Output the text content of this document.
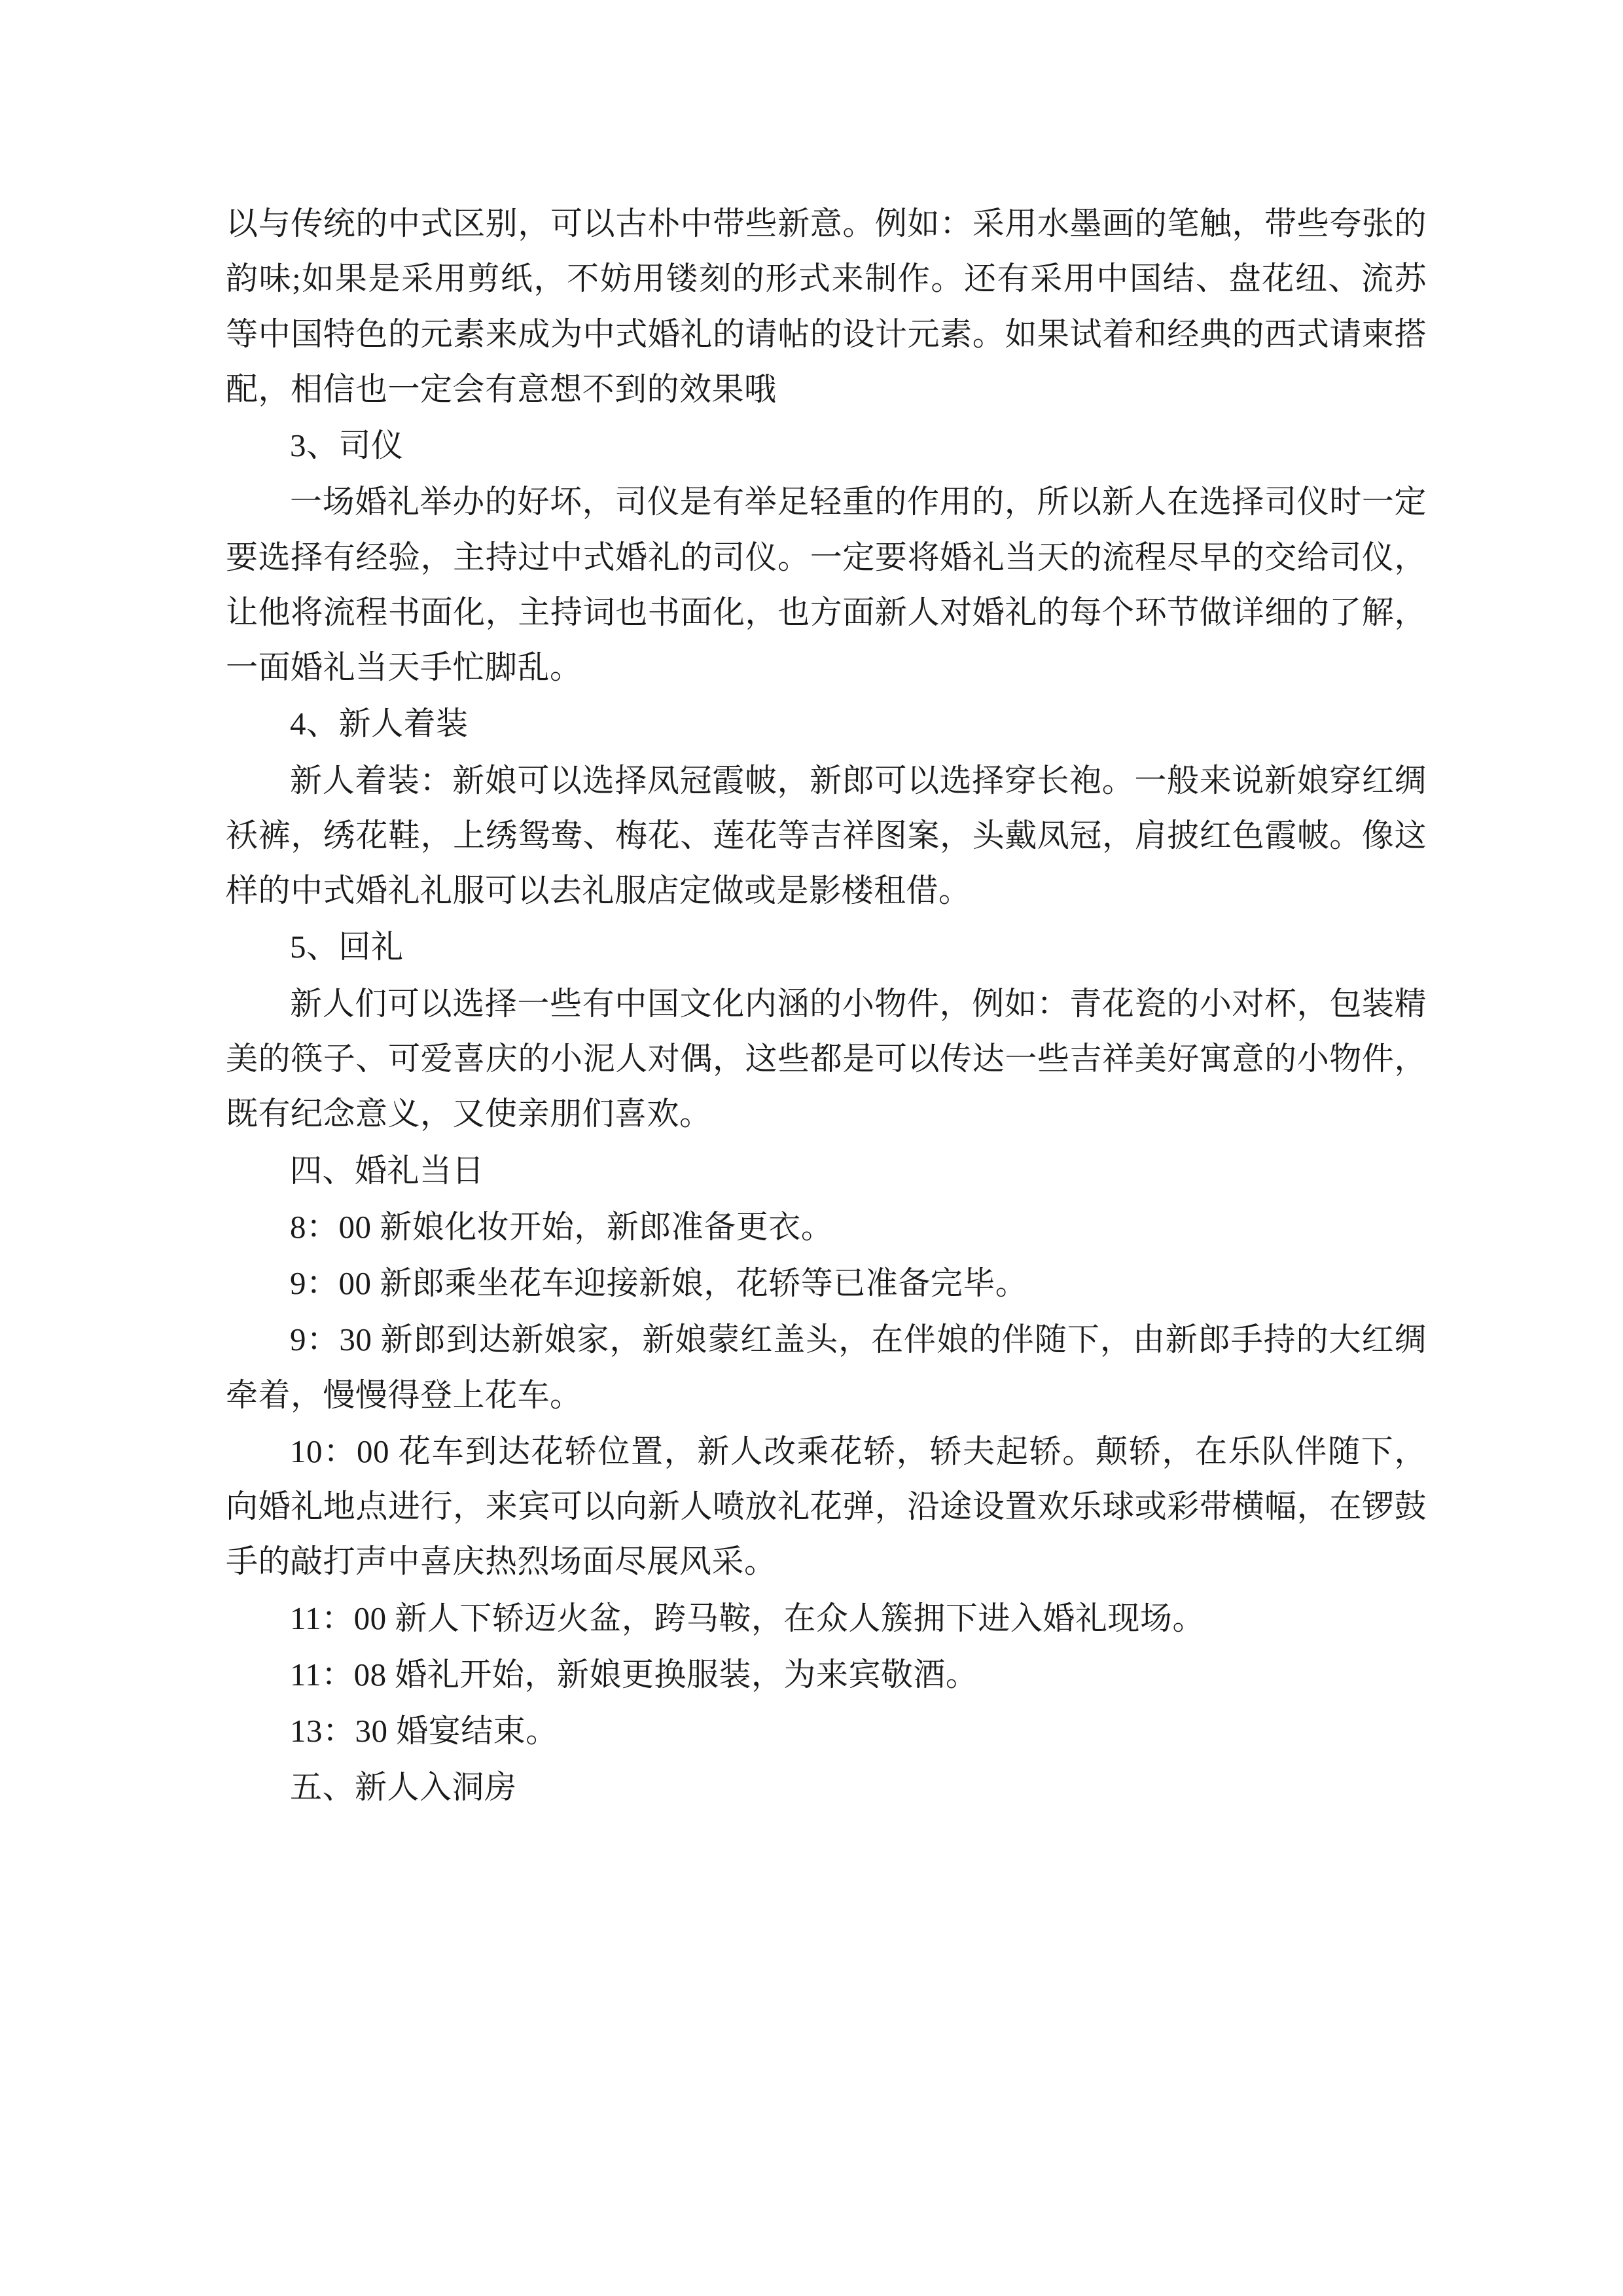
以与传统的中式区别，可以古朴中带些新意。例如：采用水墨画的笔触，带些夸张的韵味;如果是采用剪纸，不妨用镂刻的形式来制作。还有采用中国结、盘花纽、流苏等中国特色的元素来成为中式婚礼的请帖的设计元素。如果试着和经典的西式请柬搭配，相信也一定会有意想不到的效果哦

3、司仪

一场婚礼举办的好坏，司仪是有举足轻重的作用的，所以新人在选择司仪时一定要选择有经验，主持过中式婚礼的司仪。一定要将婚礼当天的流程尽早的交给司仪，让他将流程书面化，主持词也书面化，也方面新人对婚礼的每个环节做详细的了解，一面婚礼当天手忙脚乱。

4、新人着装

新人着装：新娘可以选择凤冠霞帔，新郎可以选择穿长袍。一般来说新娘穿红绸袄裤，绣花鞋，上绣鸳鸯、梅花、莲花等吉祥图案，头戴凤冠，肩披红色霞帔。像这样的中式婚礼礼服可以去礼服店定做或是影楼租借。

5、回礼

新人们可以选择一些有中国文化内涵的小物件，例如：青花瓷的小对杯，包装精美的筷子、可爱喜庆的小泥人对偶，这些都是可以传达一些吉祥美好寓意的小物件，既有纪念意义，又使亲朋们喜欢。

四、婚礼当日

8：00 新娘化妆开始，新郎准备更衣。

9：00 新郎乘坐花车迎接新娘，花轿等已准备完毕。

9：30 新郎到达新娘家，新娘蒙红盖头，在伴娘的伴随下，由新郎手持的大红绸牵着，慢慢得登上花车。

10：00 花车到达花轿位置，新人改乘花轿，轿夫起轿。颠轿，在乐队伴随下，向婚礼地点进行，来宾可以向新人喷放礼花弹，沿途设置欢乐球或彩带横幅，在锣鼓手的敲打声中喜庆热烈场面尽展风采。

11：00 新人下轿迈火盆，跨马鞍，在众人簇拥下进入婚礼现场。

11：08 婚礼开始，新娘更换服装，为来宾敬酒。

13：30 婚宴结束。

五、新人入洞房
